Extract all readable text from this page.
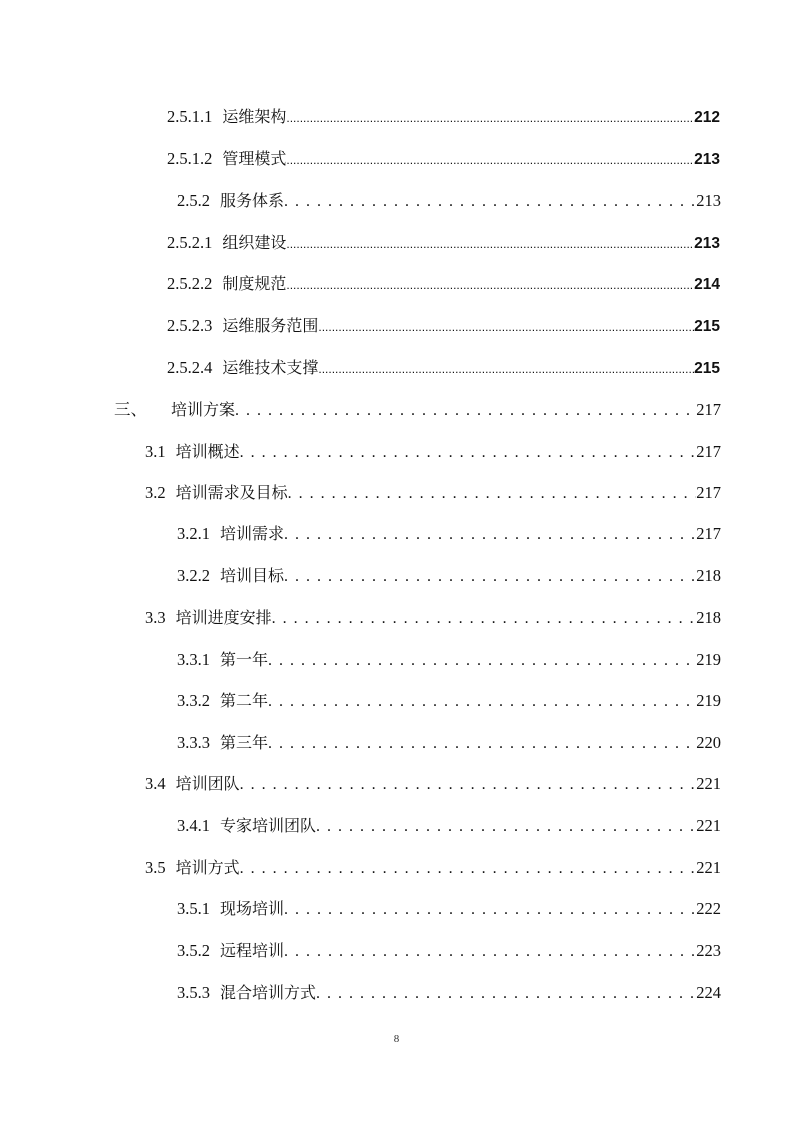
2.5.1.1 运维架构 .....	212
2.5.1.2 管理模式 .....	213
2.5.2 服务体系 . . .	213
2.5.2.1 组织建设 .....	213
2.5.2.2 制度规范 .....	214
2.5.2.3 运维服务范围 .....	215
2.5.2.4 运维技术支撑 .....	215
三、 培训方案 . . .	217
3.1 培训概述 . . .	217
3.2 培训需求及目标 . . .	217
3.2.1 培训需求 . . .	217
3.2.2 培训目标 . . .	218
3.3 培训进度安排 . . .	218
3.3.1 第一年 . . .	219
3.3.2 第二年 . . .	219
3.3.3 第三年 . . .	220
3.4 培训团队 . . .	221
3.4.1 专家培训团队 . . .	221
3.5 培训方式 . . .	221
3.5.1 现场培训 . . .	222
3.5.2 远程培训 . . .	223
3.5.3 混合培训方式 . . .	224
8
